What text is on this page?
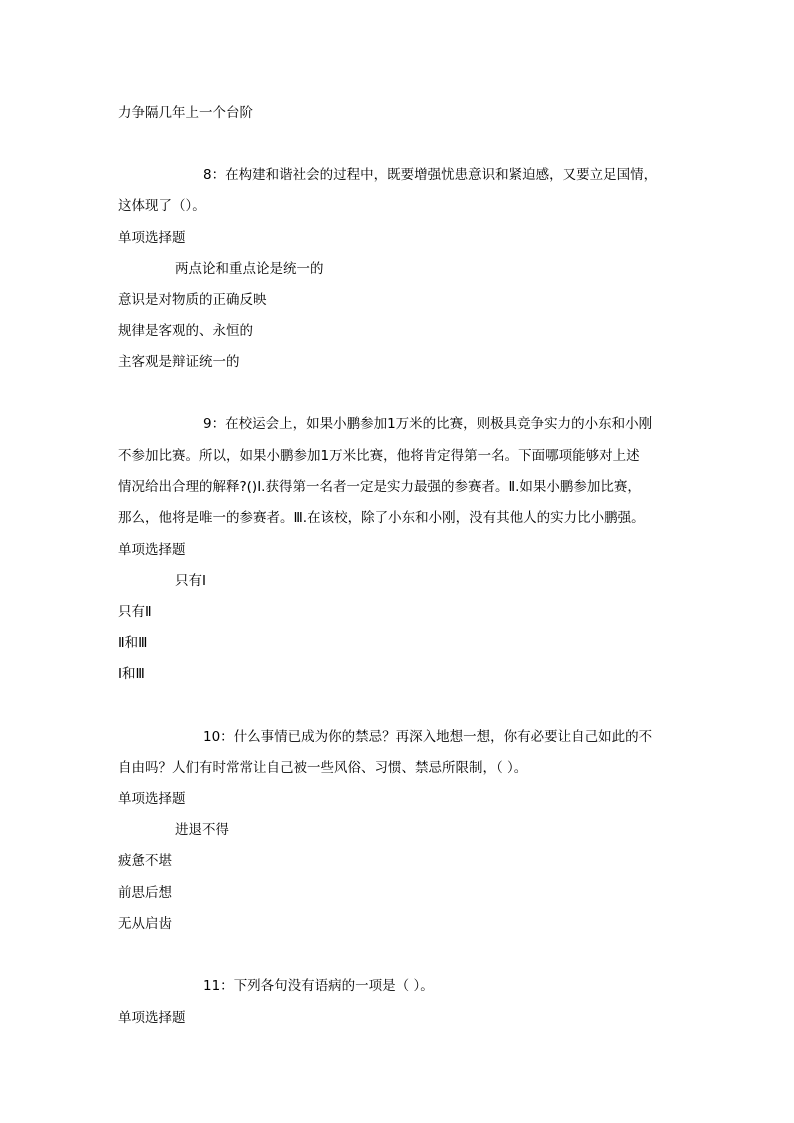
力争隔几年上一个台阶
8：在构建和谐社会的过程中，既要增强忧患意识和紧迫感，又要立足国情，
这体现了（）。
单项选择题
两点论和重点论是统一的
意识是对物质的正确反映
规律是客观的、永恒的
主客观是辩证统一的
9：在校运会上，如果小鹏参加1万米的比赛，则极具竞争实力的小东和小刚
不参加比赛。所以，如果小鹏参加1万米比赛，他将肯定得第一名。下面哪项能够对上述
情况给出合理的解释?()Ⅰ.获得第一名者一定是实力最强的参赛者。Ⅱ.如果小鹏参加比赛，
那么，他将是唯一的参赛者。Ⅲ.在该校，除了小东和小刚，没有其他人的实力比小鹏强。
单项选择题
只有Ⅰ
只有Ⅱ
Ⅱ和Ⅲ
Ⅰ和Ⅲ
10：什么事情已成为你的禁忌？再深入地想一想，你有必要让自己如此的不
自由吗？人们有时常常让自己被一些风俗、习惯、禁忌所限制，（ ）。
单项选择题
进退不得
疲惫不堪
前思后想
无从启齿
11：下列各句没有语病的一项是（ ）。
单项选择题
